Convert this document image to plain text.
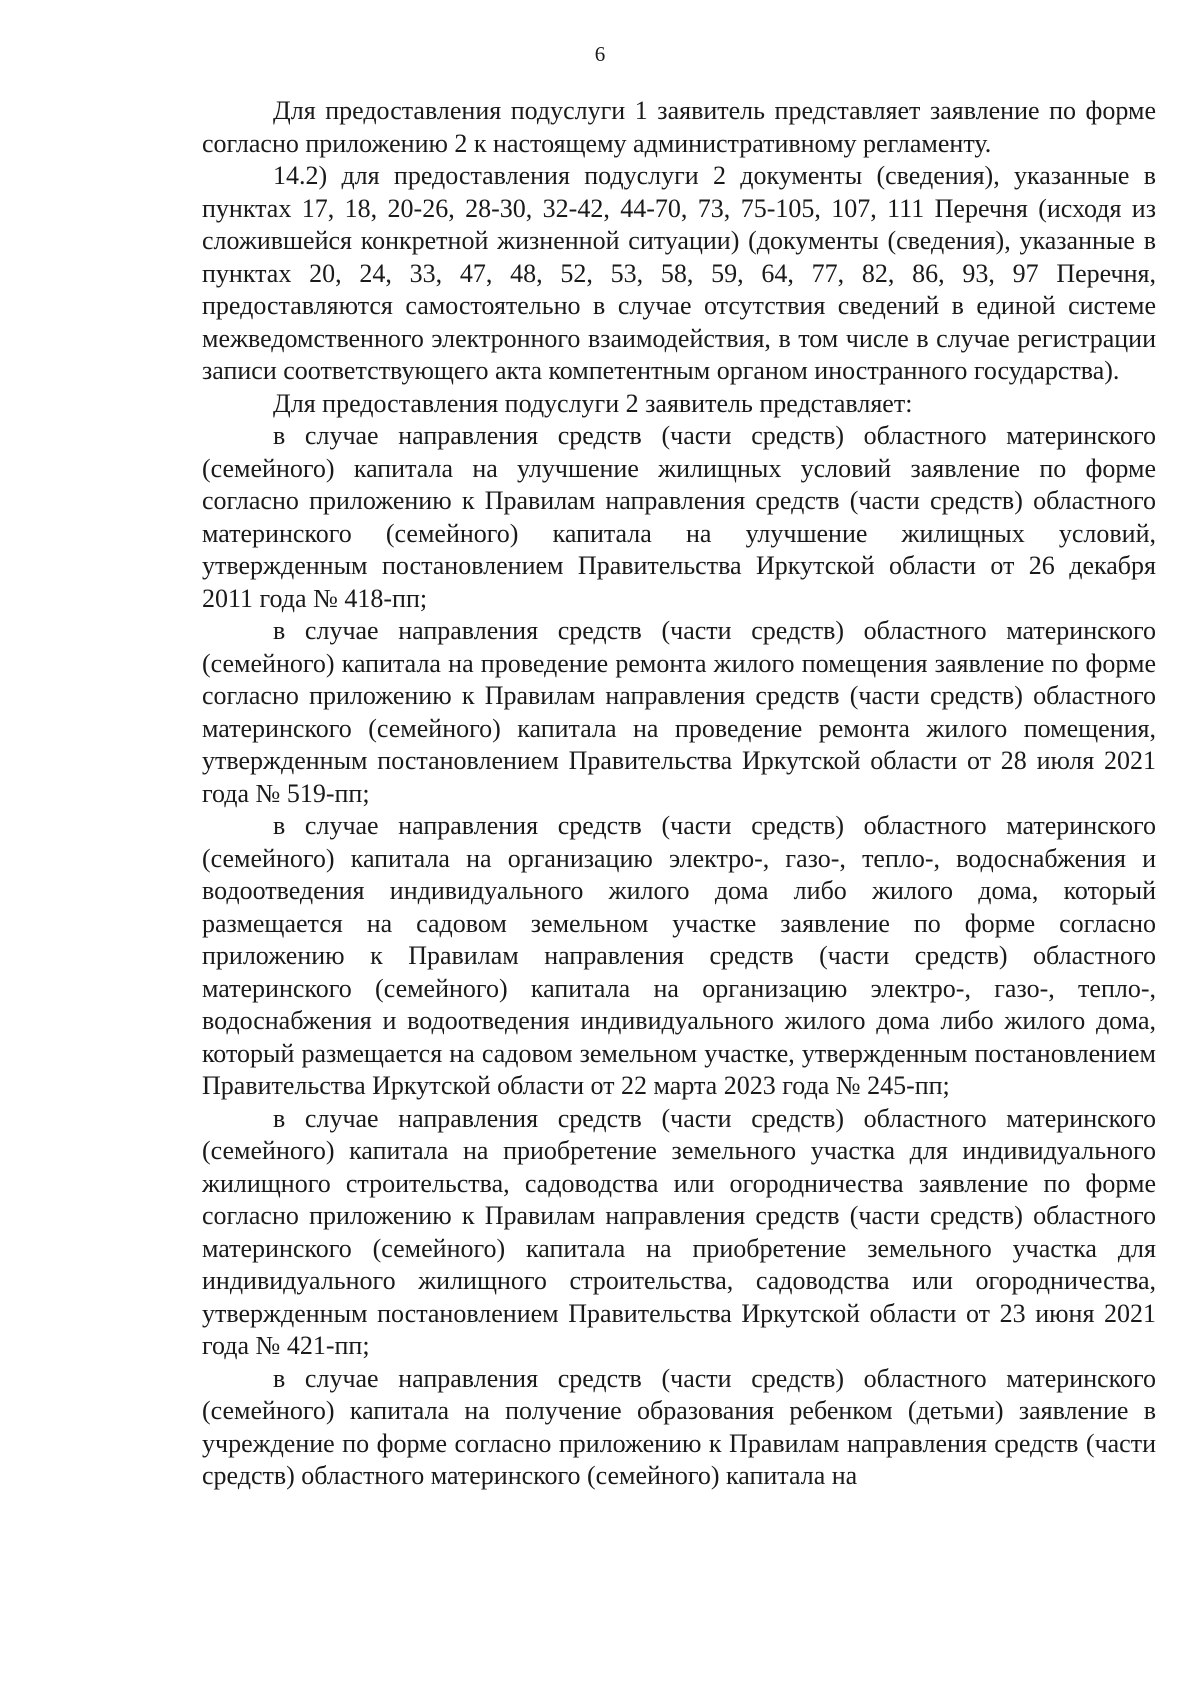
6

Для предоставления подуслуги 1 заявитель представляет заявление по форме согласно приложению 2 к настоящему административному регламенту.

14.2) для предоставления подуслуги 2 документы (сведения), указанные в пунктах 17, 18, 20-26, 28-30, 32-42, 44-70, 73, 75-105, 107, 111 Перечня (исходя из сложившейся конкретной жизненной ситуации) (документы (сведения), указанные в пунктах 20, 24, 33, 47, 48, 52, 53, 58, 59, 64, 77, 82, 86, 93, 97 Перечня, предоставляются самостоятельно в случае отсутствия сведений в единой системе межведомственного электронного взаимодействия, в том числе в случае регистрации записи соответствующего акта компетентным органом иностранного государства).

Для предоставления подуслуги 2 заявитель представляет:

в случае направления средств (части средств) областного материнского (семейного) капитала на улучшение жилищных условий заявление по форме согласно приложению к Правилам направления средств (части средств) областного материнского (семейного) капитала на улучшение жилищных условий, утвержденным постановлением Правительства Иркутской области от 26 декабря 2011 года № 418-пп;

в случае направления средств (части средств) областного материнского (семейного) капитала на проведение ремонта жилого помещения заявление по форме согласно приложению к Правилам направления средств (части средств) областного материнского (семейного) капитала на проведение ремонта жилого помещения, утвержденным постановлением Правительства Иркутской области от 28 июля 2021 года № 519-пп;

в случае направления средств (части средств) областного материнского (семейного) капитала на организацию электро-, газо-, тепло-, водоснабжения и водоотведения индивидуального жилого дома либо жилого дома, который размещается на садовом земельном участке заявление по форме согласно приложению к Правилам направления средств (части средств) областного материнского (семейного) капитала на организацию электро-, газо-, тепло-, водоснабжения и водоотведения индивидуального жилого дома либо жилого дома, который размещается на садовом земельном участке, утвержденным постановлением Правительства Иркутской области от 22 марта 2023 года № 245-пп;

в случае направления средств (части средств) областного материнского (семейного) капитала на приобретение земельного участка для индивидуального жилищного строительства, садоводства или огородничества заявление по форме согласно приложению к Правилам направления средств (части средств) областного материнского (семейного) капитала на приобретение земельного участка для индивидуального жилищного строительства, садоводства или огородничества, утвержденным постановлением Правительства Иркутской области от 23 июня 2021 года № 421-пп;

в случае направления средств (части средств) областного материнского (семейного) капитала на получение образования ребенком (детьми) заявление в учреждение по форме согласно приложению к Правилам направления средств (части средств) областного материнского (семейного) капитала на
